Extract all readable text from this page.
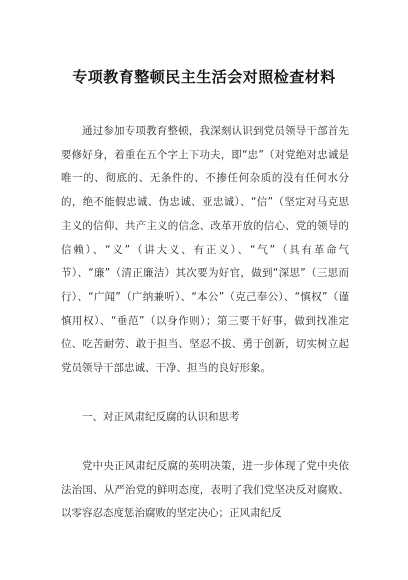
专项教育整顿民主生活会对照检查材料

通过参加专项教育整顿，我深刻认识到党员领导干部首先要修好身，着重在五个字上下功夫，即“忠”（对党绝对忠诚是唯一的、彻底的、无条件的、不掺任何杂质的没有任何水分的，绝不能假忠诚、伪忠诚、亚忠诚）、“信”（坚定对马克思主义的信仰、共产主义的信念、改革开放的信心、党的领导的信赖）、“义”（讲大义、有正义）、“气”（具有革命气节）、“廉”（清正廉洁）其次要为好官，做到“深思”（三思而行）、“广闻”（广纳兼听）、“本公”（克己奉公）、“慎权”（谨慎用权）、“垂范”（以身作则）；第三要干好事，做到找准定位、吃苦耐劳、敢于担当、坚忍不拔、勇于创新，切实树立起党员领导干部忠诚、干净、担当的良好形象。

一、对正风肃纪反腐的认识和思考

党中央正风肃纪反腐的英明决策，进一步体现了党中央依法治国、从严治党的鲜明态度，表明了我们党坚决反对腐败、以零容忍态度惩治腐败的坚定决心；正风肃纪反
